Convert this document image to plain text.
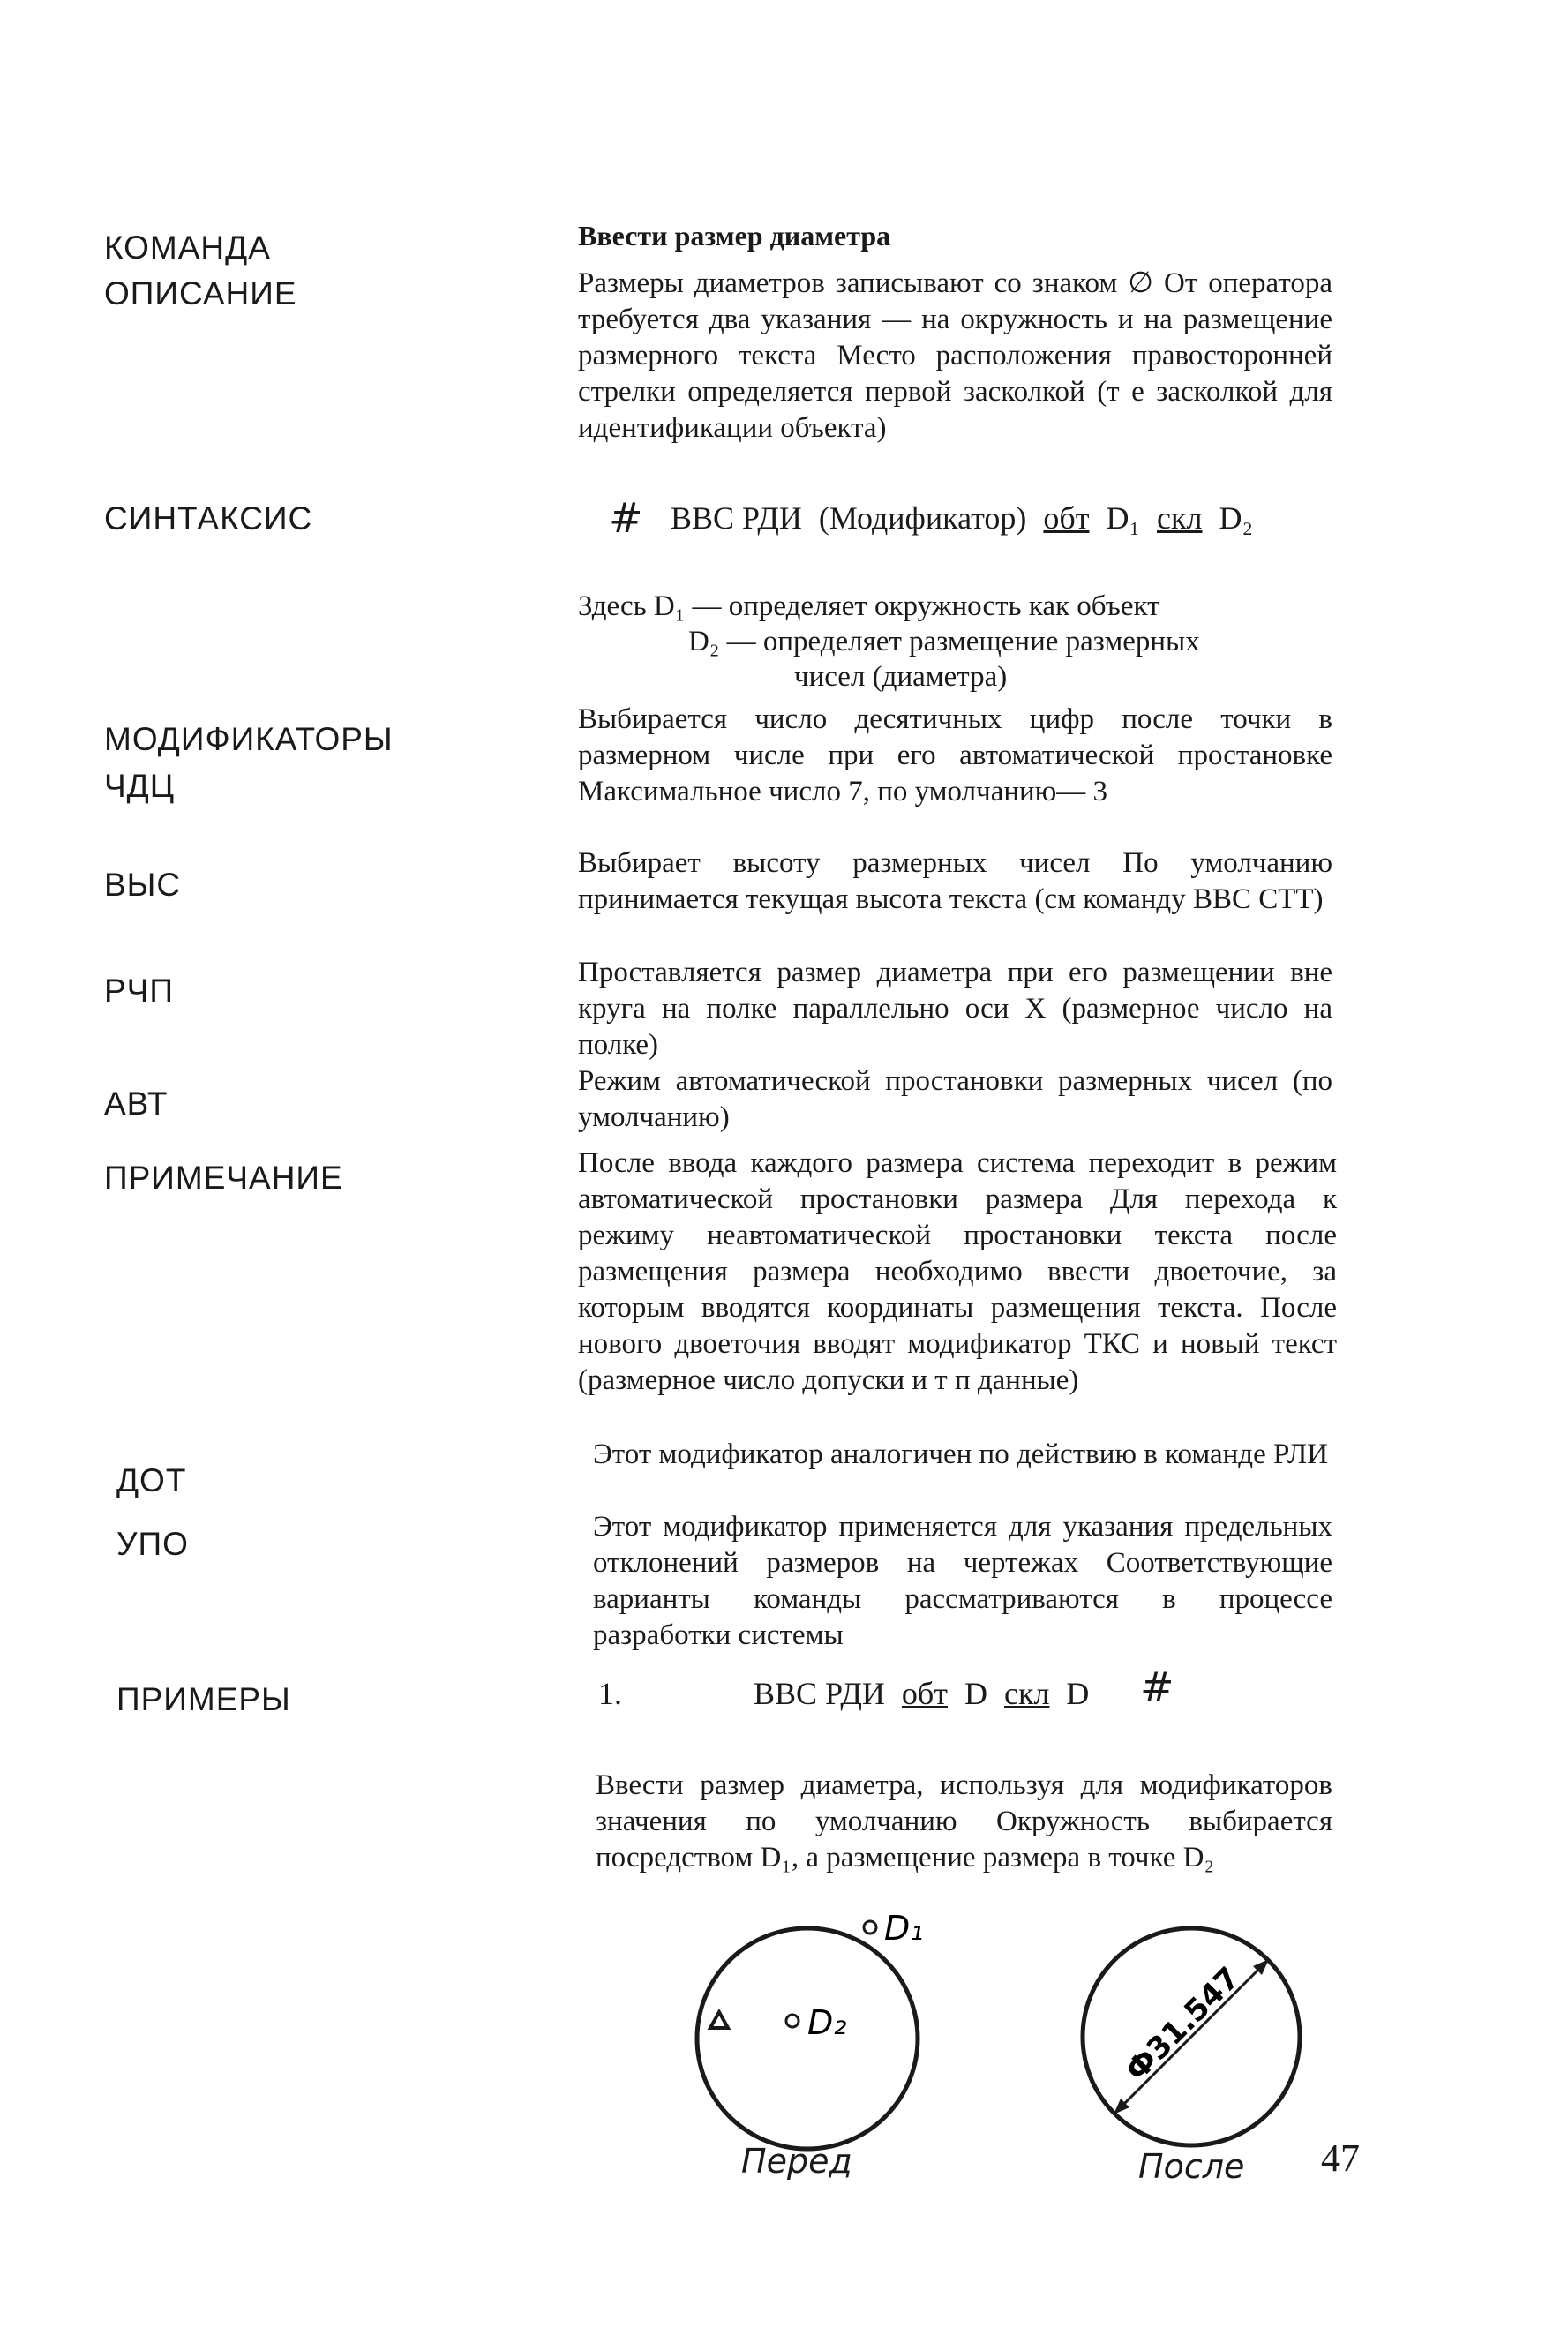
КОМАНДА
ОПИСАНИЕ
СИНТАКСИС
МОДИФИКАТОРЫ
ЧДЦ
ВЫС
РЧП
АВТ
ПРИМЕЧАНИЕ
ДОТ
УПО
ПРИМЕРЫ
Ввести размер диаметра
Размеры диаметров записывают со знаком ∅ От оператора требуется два указания — на окружность и на размещение размерного текста Место расположения правосторонней стрелки определяется первой засколкой (т е засколкой для идентификации объекта)
# ВВС РДИ (Модификатор) обт D₁ скл D₂
Здесь D₁ — определяет окружность как объект
D₂ — определяет размещение размерных
чисел (диаметра)
Выбирается число десятичных цифр после точки в размерном числе при его автоматической простановке Максимальное число 7, по умолчанию— 3
Выбирает высоту размерных чисел По умолчанию принимается текущая высота текста (см команду ВВС СТТ)
Проставляется размер диаметра при его размещении вне круга на полке параллельно оси X (размерное число на полке)
Режим автоматической простановки размерных чисел (по умолчанию)
После ввода каждого размера система переходит в режим автоматической простановки размера Для перехода к режиму неавтоматической простановки текста после размещения размера необходимо ввести двоеточие, за которым вводятся координаты размещения текста. После нового двоеточия вводят модификатор ТКС и новый текст (размерное число допуски и т п данные)
Этот модификатор аналогичен по действию в команде РЛИ
Этот модификатор применяется для указания предельных отклонений размеров на чертежах Соответствующие варианты команды рассматриваются в процессе разработки системы
1.	ВВС РДИ обт D скл D #
Ввести размер диаметра, используя для модификаторов значения по умолчанию Окружность выбирается посредством D₁, а размещение размера в точке D₂
D₂
D₁
Перед
Ф31.547
После 47
